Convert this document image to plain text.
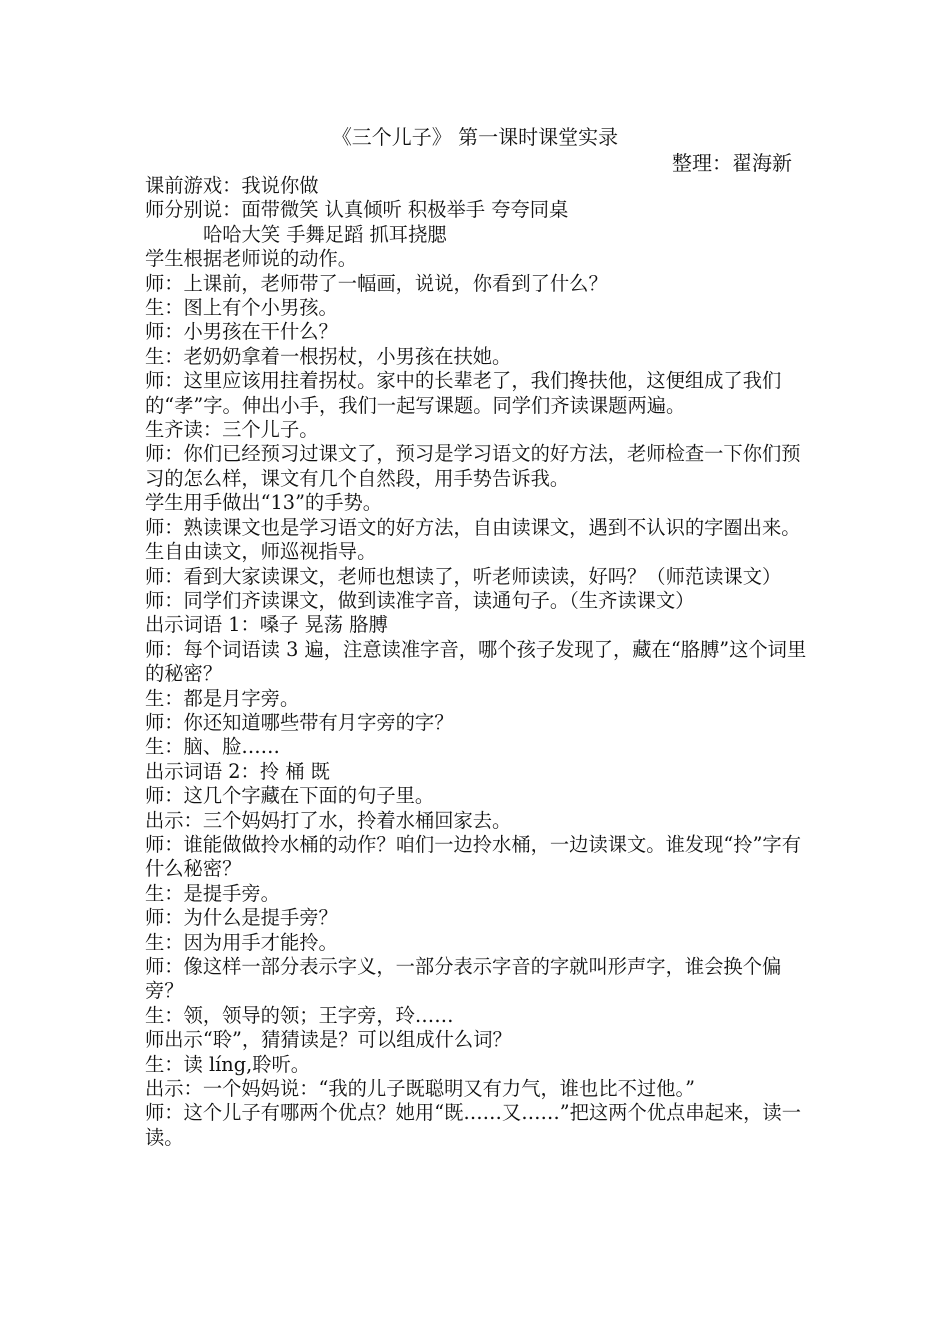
《三个儿子》 第一课时课堂实录
整理：翟海新

课前游戏：我说你做

师分别说：面带微笑 认真倾听 积极举手 夸夸同桌

哈哈大笑 手舞足蹈 抓耳挠腮

学生根据老师说的动作。

师：上课前，老师带了一幅画，说说，你看到了什么？

生：图上有个小男孩。

师：小男孩在干什么？

生：老奶奶拿着一根拐杖，小男孩在扶她。

师：这里应该用拄着拐杖。家中的长辈老了，我们搀扶他，这便组成了我们的“孝”字。伸出小手，我们一起写课题。同学们齐读课题两遍。

生齐读：三个儿子。

师：你们已经预习过课文了，预习是学习语文的好方法，老师检查一下你们预习的怎么样，课文有几个自然段，用手势告诉我。

学生用手做出“13”的手势。

师：熟读课文也是学习语文的好方法，自由读课文，遇到不认识的字圈出来。

生自由读文，师巡视指导。

师：看到大家读课文，老师也想读了，听老师读读，好吗？（师范读课文）

师：同学们齐读课文，做到读准字音，读通句子。（生齐读课文）

出示词语 1：嗓子 晃荡 胳膊

师：每个词语读 3 遍，注意读准字音，哪个孩子发现了，藏在“胳膊”这个词里的秘密？

生：都是月字旁。

师：你还知道哪些带有月字旁的字？

生：脑、脸……

出示词语 2：拎 桶 既

师：这几个字藏在下面的句子里。

出示：三个妈妈打了水，拎着水桶回家去。

师：谁能做做拎水桶的动作？咱们一边拎水桶，一边读课文。谁发现“拎”字有什么秘密？

生：是提手旁。

师：为什么是提手旁？

生：因为用手才能拎。

师：像这样一部分表示字义，一部分表示字音的字就叫形声字，谁会换个偏旁？

生：领，领导的领；王字旁，玲……

师出示“聆”，猜猜读是？可以组成什么词？

生：读 líng,聆听。

出示：一个妈妈说：“我的儿子既聪明又有力气，谁也比不过他。”

师：这个儿子有哪两个优点？她用“既……又……”把这两个优点串起来，读一读。
